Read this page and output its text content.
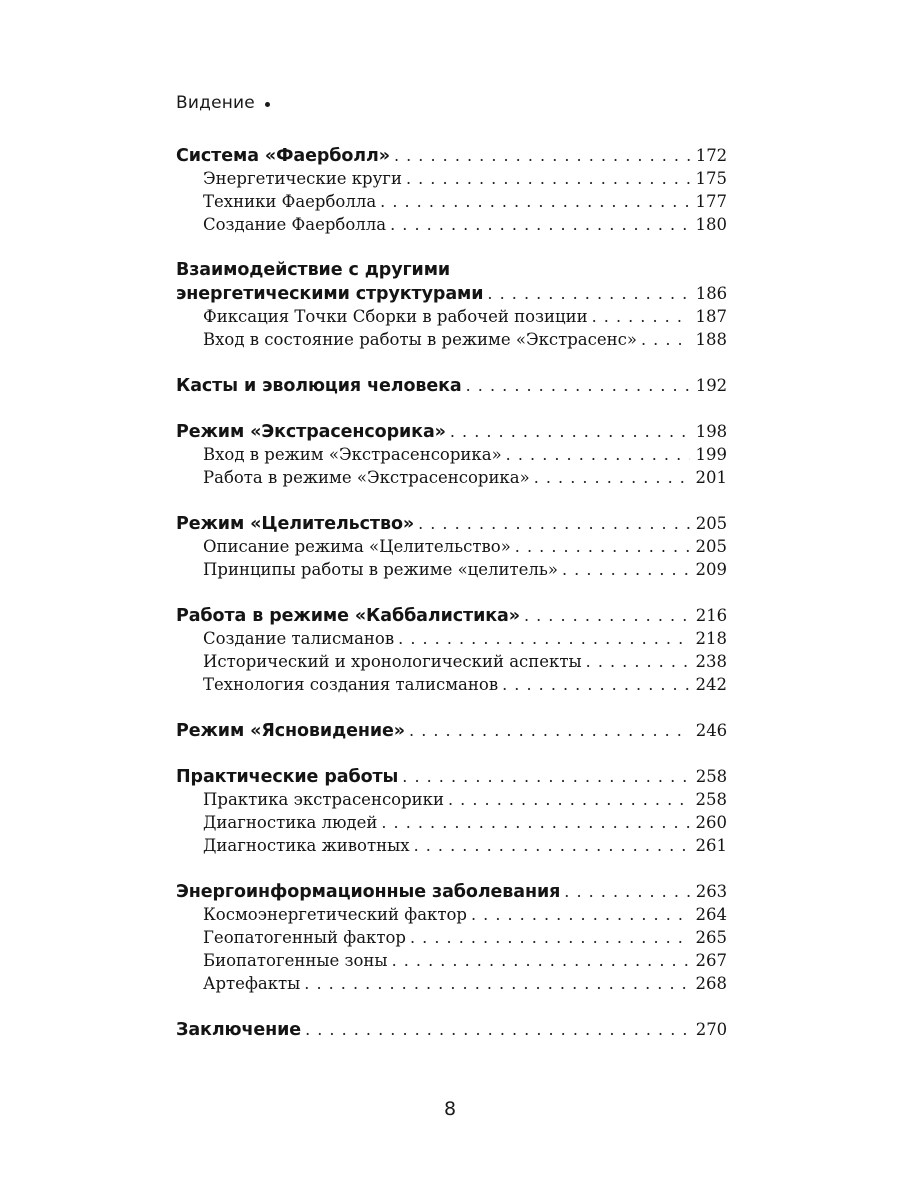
Видение
Система «Фаерболл» . . .	172
Энергетические круги . . .	175
Техники Фаерболла . . .	177
Создание Фаерболла . . .	180
Взаимодействие с другими
энергетическими структурами . . .	186
Фиксация Точки Сборки в рабочей позиции . . .	187
Вход в состояние работы в режиме «Экстрасенс» . . .	188
Касты и эволюция человека . . .	192
Режим «Экстрасенсорика» . . .	198
Вход в режим «Экстрасенсорика» . . .	199
Работа в режиме «Экстрасенсорика» . . .	201
Режим «Целительство» . . .	205
Описание режима «Целительство» . . .	205
Принципы работы в режиме «целитель» . . .	209
Работа в режиме «Каббалистика» . . .	216
Создание талисманов . . .	218
Исторический и хронологический аспекты . . .	238
Технология создания талисманов . . .	242
Режим «Ясновидение» . . .	246
Практические работы . . .	258
Практика экстрасенсорики . . .	258
Диагностика людей . . .	260
Диагностика животных . . .	261
Энергоинформационные заболевания . . .	263
Космоэнергетический фактор . . .	264
Геопатогенный фактор . . .	265
Биопатогенные зоны . . .	267
Артефакты . . .	268
Заключение . . .	270
8
